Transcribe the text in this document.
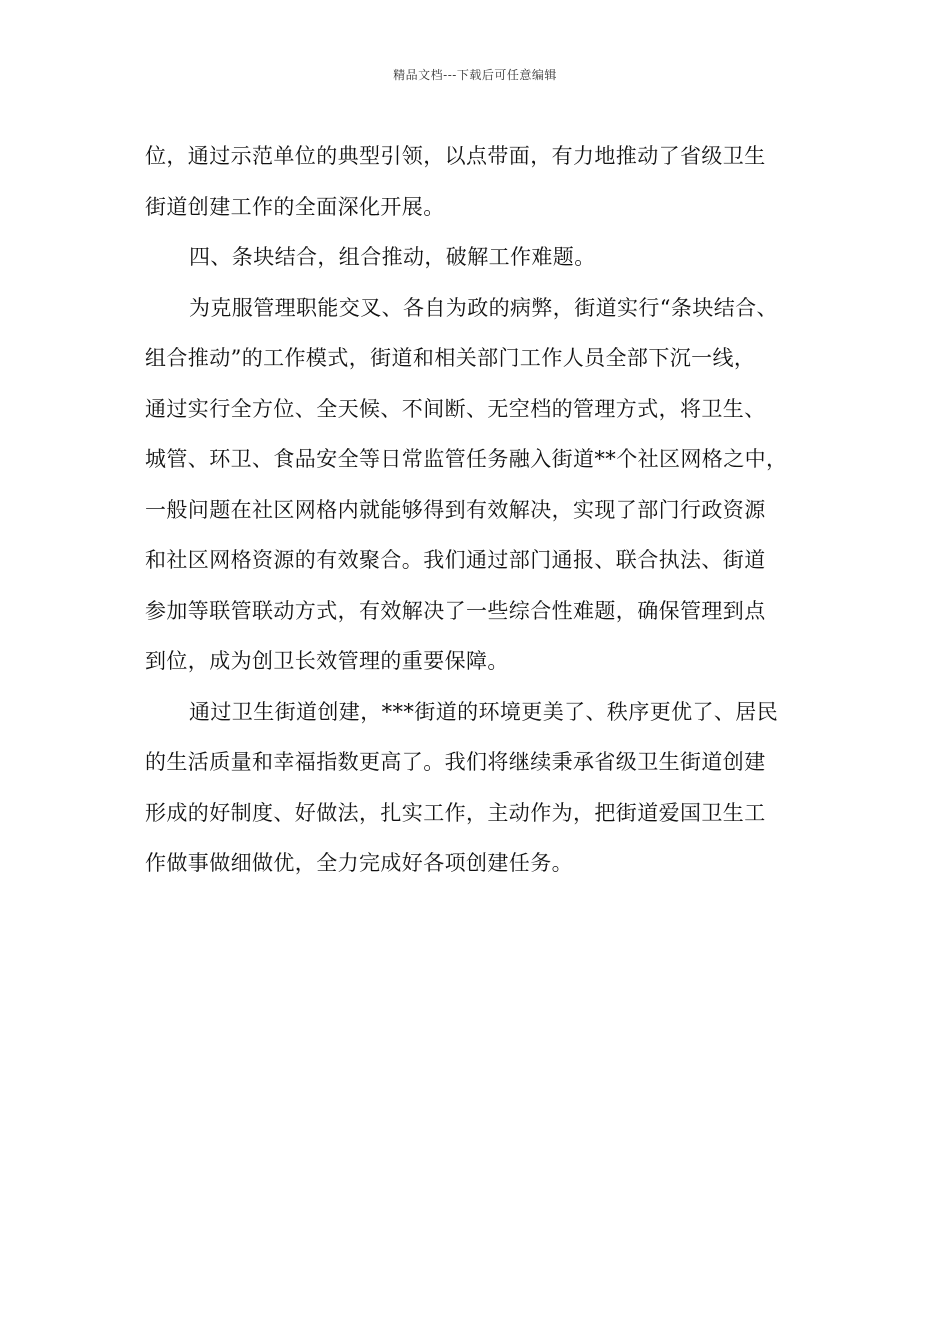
精品文档---下载后可任意编辑
位，通过示范单位的典型引领，以点带面，有力地推动了省级卫生
街道创建工作的全面深化开展。
四、条块结合，组合推动，破解工作难题。
为克服管理职能交叉、各自为政的病弊，街道实行“条块结合、
组合推动”的工作模式，街道和相关部门工作人员全部下沉一线，
通过实行全方位、全天候、不间断、无空档的管理方式，将卫生、
城管、环卫、食品安全等日常监管任务融入街道**个社区网格之中，
一般问题在社区网格内就能够得到有效解决，实现了部门行政资源
和社区网格资源的有效聚合。我们通过部门通报、联合执法、街道
参加等联管联动方式，有效解决了一些综合性难题，确保管理到点
到位，成为创卫长效管理的重要保障。
通过卫生街道创建，***街道的环境更美了、秩序更优了、居民
的生活质量和幸福指数更高了。我们将继续秉承省级卫生街道创建
形成的好制度、好做法，扎实工作，主动作为，把街道爱国卫生工
作做事做细做优，全力完成好各项创建任务。
